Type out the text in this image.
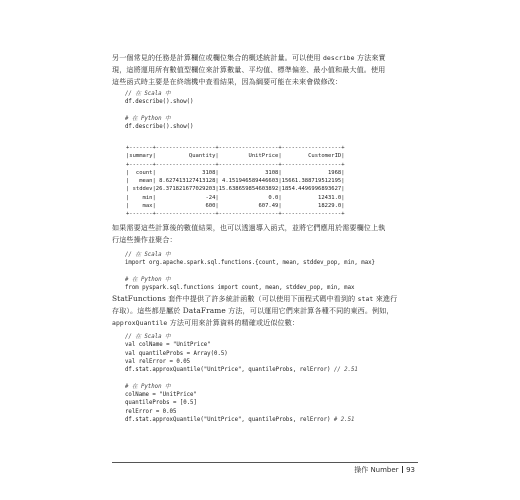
另一個常見的任務是計算欄位或欄位集合的概述統計量。可以使用 describe 方法來實
現，這將運用所有數值型欄位來計算數量、平均值、標準偏差、最小值和最大值。使用
這些函式時主要是在終端機中查看結果，因為綱要可能在未來會做修改：

// 在 Scala 中
df.describe().show()

# 在 Python 中
df.describe().show()
+-------+------------------+------------------+------------------+
|summary|          Quantity|         UnitPrice|        CustomerID|
+-------+------------------+------------------+------------------+
|  count|              3108|              3108|              1968|
|   mean| 8.627413127413128| 4.151946589446603|15661.388719512195|
| stddev|26.371821677029203|15.638659854603892|1854.4496996893627|
|    min|               -24|               0.0|           12431.0|
|    max|               600|            607.49|           18229.0|
+-------+------------------+------------------+------------------+

如果需要這些計算後的數值結果，也可以透過導入函式，並將它們應用於需要欄位上執
行這些操作並聚合：

// 在 Scala 中
import org.apache.spark.sql.functions.{count, mean, stddev_pop, min, max}

# 在 Python 中
from pyspark.sql.functions import count, mean, stddev_pop, min, max

StatFunctions 套件中提供了許多統計函數（可以使用下面程式碼中看到的 stat 來進行
存取）。這些都是屬於 DataFrame 方法，可以運用它們來計算各種不同的東西。例如，
approxQuantile 方法可用來計算資料的精確或近似位數：

// 在 Scala 中
val colName = "UnitPrice"
val quantileProbs = Array(0.5)
val relError = 0.05
df.stat.approxQuantile("UnitPrice", quantileProbs, relError) // 2.51

# 在 Python 中
colName = "UnitPrice"
quantileProbs = [0.5]
relError = 0.05
df.stat.approxQuantile("UnitPrice", quantileProbs, relError) # 2.51
操作 Number 93
